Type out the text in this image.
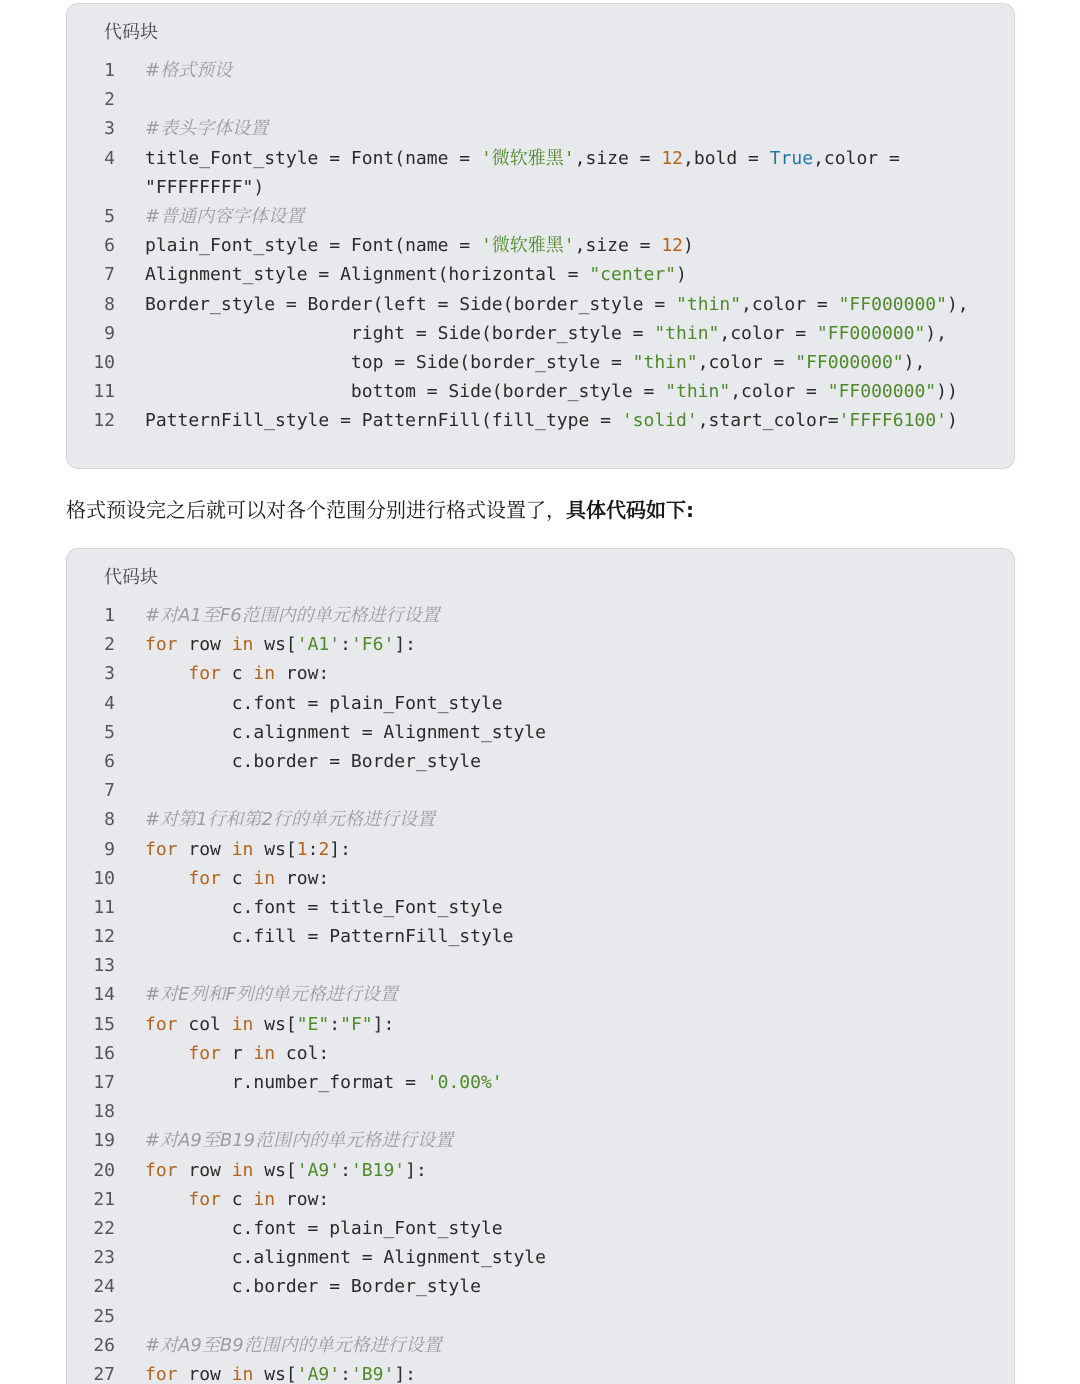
代码块
1 #格式预设
2
3 #表头字体设置
4 title_Font_style = Font(name = '微软雅黑',size = 12,bold = True,color =
"FFFFFFFF")
5 #普通内容字体设置
6 plain_Font_style = Font(name = '微软雅黑',size = 12)
7 Alignment_style = Alignment(horizontal = "center")
8 Border_style = Border(left = Side(border_style = "thin",color = "FF000000"),
9 right = Side(border_style = "thin",color = "FF000000"),
10 top = Side(border_style = "thin",color = "FF000000"),
11 bottom = Side(border_style = "thin",color = "FF000000"))
12 PatternFill_style = PatternFill(fill_type = 'solid',start_color='FFFF6100')
格式预设完之后就可以对各个范围分别进行格式设置了，具体代码如下:
代码块
1 #对A1至F6范围内的单元格进行设置
2 for row in ws['A1':'F6']:
3	for c in row:
4 c.font = plain_Font_style
5 c.alignment = Alignment_style
6 c.border = Border_style
7
8 #对第1行和第2行的单元格进行设置
9 for row in ws[1:2]:
10	for c in row:
11 c.font = title_Font_style
12 c.fill = PatternFill_style
13
14 #对E列和F列的单元格进行设置
15 for col in ws["E":"F"]:
16	for r in col:
17 r.number_format = '0.00%'
18
19 #对A9至B19范围内的单元格进行设置
20 for row in ws['A9':'B19']:
21	for c in row:
22 c.font = plain_Font_style
23 c.alignment = Alignment_style
24 c.border = Border_style
25
26 #对A9至B9范围内的单元格进行设置
27 for row in ws['A9':'B9']:
